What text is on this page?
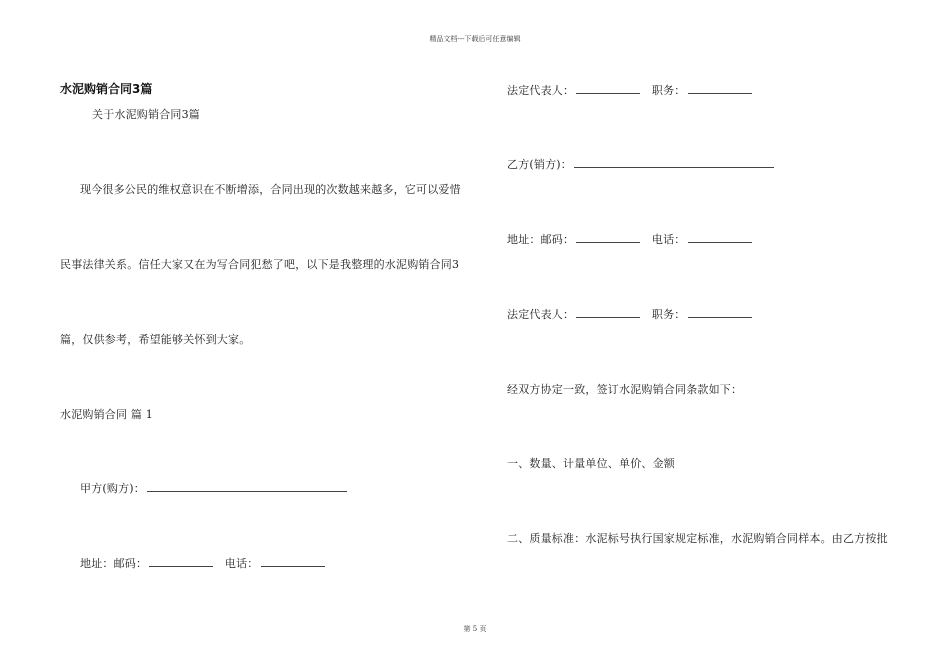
精品文档---下载后可任意编辑
水泥购销合同3篇
关于水泥购销合同3篇
现今很多公民的维权意识在不断增添，合同出现的次数越来越多，它可以爱惜
民事法律关系。信任大家又在为写合同犯愁了吧，以下是我整理的水泥购销合同3
篇，仅供参考，希望能够关怀到大家。
水泥购销合同 篇 1
甲方(购方)：
地址：邮码：	电话：
法定代表人：	职务：
乙方(销方)：
地址：邮码：	电话：
法定代表人：	职务：
经双方协定一致，签订水泥购销合同条款如下：
一、数量、计量单位、单价、金额
二、质量标准：水泥标号执行国家规定标准，水泥购销合同样本。由乙方按批
第 5 页
